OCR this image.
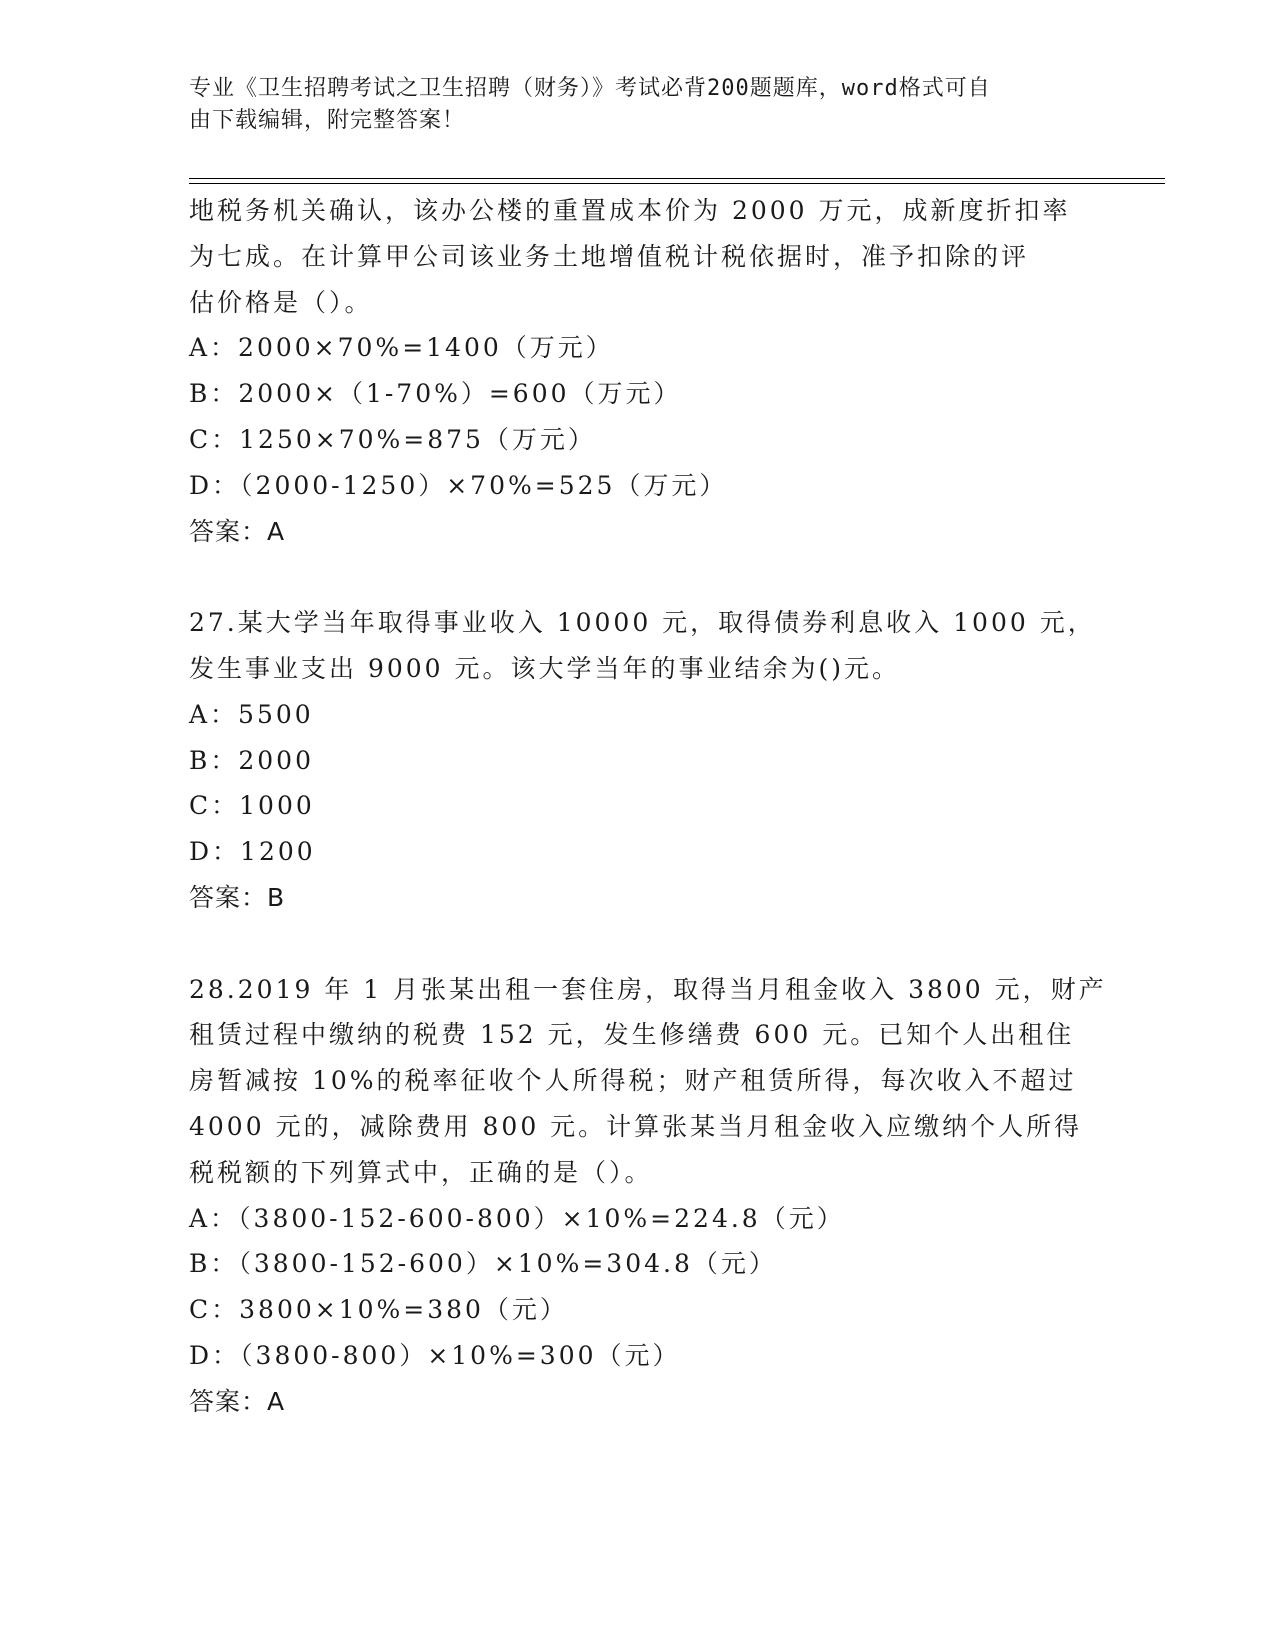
专业《卫生招聘考试之卫生招聘（财务）》考试必背200题题库，word格式可自
由下载编辑，附完整答案！
地税务机关确认，该办公楼的重置成本价为 2000 万元，成新度折扣率
为七成。在计算甲公司该业务土地增值税计税依据时，准予扣除的评
估价格是（）。
A：2000×70%=1400（万元）
B：2000×（1-70%）=600（万元）
C：1250×70%=875（万元）
D：（2000-1250）×70%=525（万元）
答案：A
27.某大学当年取得事业收入 10000 元，取得债券利息收入 1000 元，
发生事业支出 9000 元。该大学当年的事业结余为()元。
A：5500
B：2000
C：1000
D：1200
答案：B
28.2019 年 1 月张某出租一套住房，取得当月租金收入 3800 元，财产
租赁过程中缴纳的税费 152 元，发生修缮费 600 元。已知个人出租住
房暂减按 10%的税率征收个人所得税；财产租赁所得，每次收入不超过
4000 元的，减除费用 800 元。计算张某当月租金收入应缴纳个人所得
税税额的下列算式中，正确的是（）。
A：（3800-152-600-800）×10%=224.8（元）
B：（3800-152-600）×10%=304.8（元）
C：3800×10%=380（元）
D：（3800-800）×10%=300（元）
答案：A
